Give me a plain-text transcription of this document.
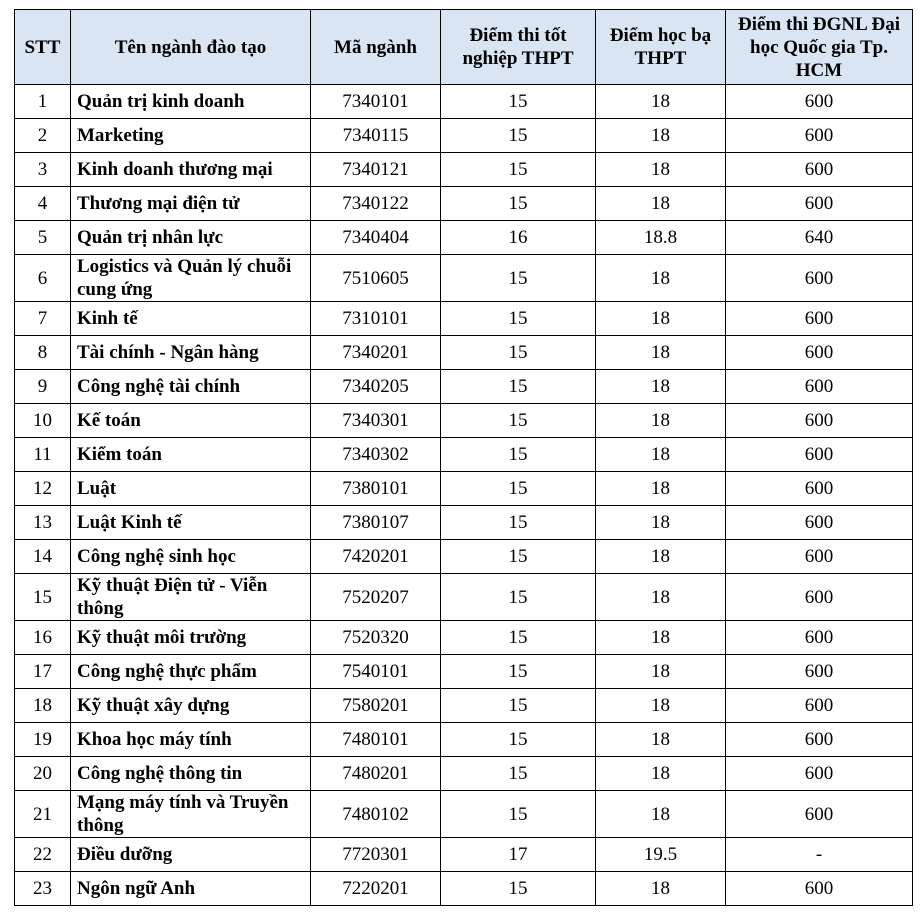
STT	Tên ngành đào tạo	Mã ngành	Điểm thi tốt nghiệp THPT	Điểm học bạ THPT	Điểm thi ĐGNL Đại học Quốc gia Tp. HCM
1	Quản trị kinh doanh	7340101	15	18	600
2	Marketing	7340115	15	18	600
3	Kinh doanh thương mại	7340121	15	18	600
4	Thương mại điện tử	7340122	15	18	600
5	Quản trị nhân lực	7340404	16	18.8	640
6	Logistics và Quản lý chuỗi cung ứng	7510605	15	18	600
7	Kinh tế	7310101	15	18	600
8	Tài chính - Ngân hàng	7340201	15	18	600
9	Công nghệ tài chính	7340205	15	18	600
10	Kế toán	7340301	15	18	600
11	Kiểm toán	7340302	15	18	600
12	Luật	7380101	15	18	600
13	Luật Kinh tế	7380107	15	18	600
14	Công nghệ sinh học	7420201	15	18	600
15	Kỹ thuật Điện tử - Viễn thông	7520207	15	18	600
16	Kỹ thuật môi trường	7520320	15	18	600
17	Công nghệ thực phẩm	7540101	15	18	600
18	Kỹ thuật xây dựng	7580201	15	18	600
19	Khoa học máy tính	7480101	15	18	600
20	Công nghệ thông tin	7480201	15	18	600
21	Mạng máy tính và Truyền thông	7480102	15	18	600
22	Điều dưỡng	7720301	17	19.5	-
23	Ngôn ngữ Anh	7220201	15	18	600
